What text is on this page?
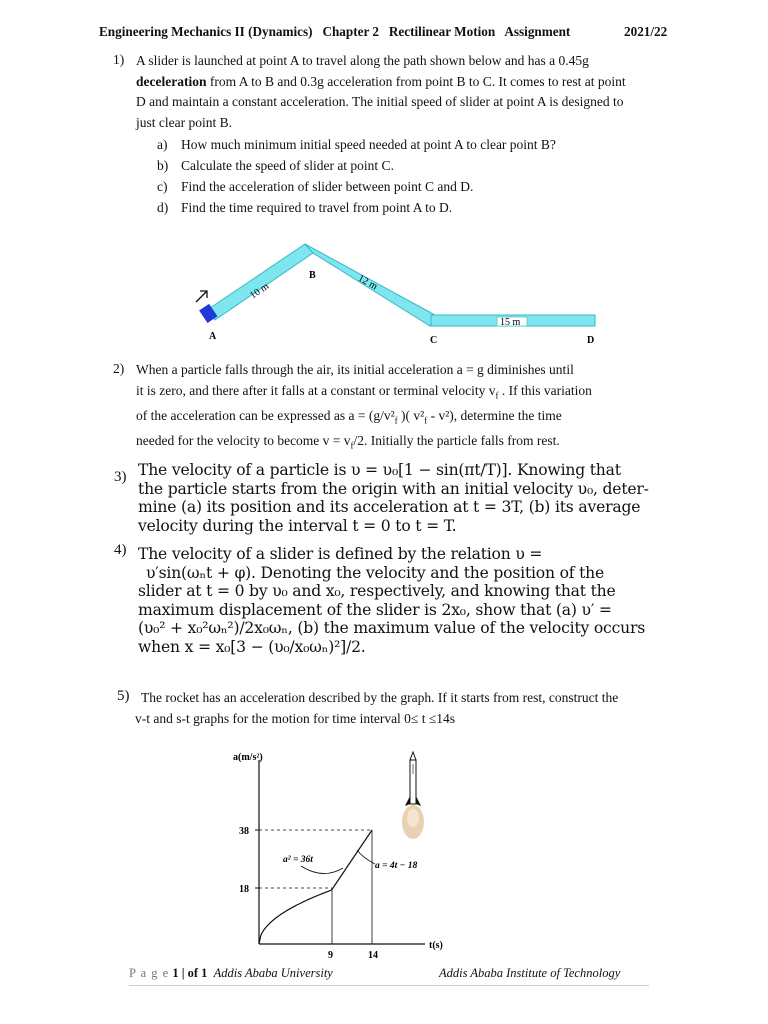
Engineering Mechanics II (Dynamics)   Chapter 2   Rectilinear Motion   Assignment	2021/22
1) A slider is launched at point A to travel along the path shown below and has a 0.45g
deceleration from A to B and 0.3g acceleration from point B to C. It comes to rest at point
D and maintain a constant acceleration. The initial speed of slider at point A is designed to
just clear point B.
a) How much minimum initial speed needed at point A to clear point B?
b) Calculate the speed of slider at point C.
c) Find the acceleration of slider between point C and D.
d) Find the time required to travel from point A to D.
A
B
C	D
10 m	12 m
15 m
2) When a particle falls through the air, its initial acceleration a = g diminishes until
it is zero, and there after it falls at a constant or terminal velocity $v_f$ . If this variation
of the acceleration can be expressed as $a = (g/v^2_f$ )( $v^2_f - v^2$), determine the time
needed for the velocity to become $v = v_f/2$. Initially the particle falls from rest.
3) The velocity of a particle is υ = υ₀[1 − sin(πt/T)]. Knowing that
the particle starts from the origin with an initial velocity υ₀, deter-
mine (a) its position and its acceleration at t = 3T, (b) its average
velocity during the interval t = 0 to t = T.
4) The velocity of a slider is defined by the relation υ =
υ′sin(ωₙt + φ). Denoting the velocity and the position of the
slider at t = 0 by υ₀ and x₀, respectively, and knowing that the
maximum displacement of the slider is 2x₀, show that (a) υ′ =
(υ₀² + x₀²ωₙ²)/2x₀ωₙ, (b) the maximum value of the velocity occurs
when x = x₀[3 − (υ₀/x₀ωₙ)²]/2.
5) The rocket has an acceleration described by the graph. If it starts from rest, construct the
v-t and s-t graphs for the motion for time interval 0≤ t ≤14s
a(m/s²)
t(s)
38
18
9	14
a² = 36t
a = 4t − 18
P a g e 1 | of 1 Addis Ababa University	Addis Ababa Institute of Technology
